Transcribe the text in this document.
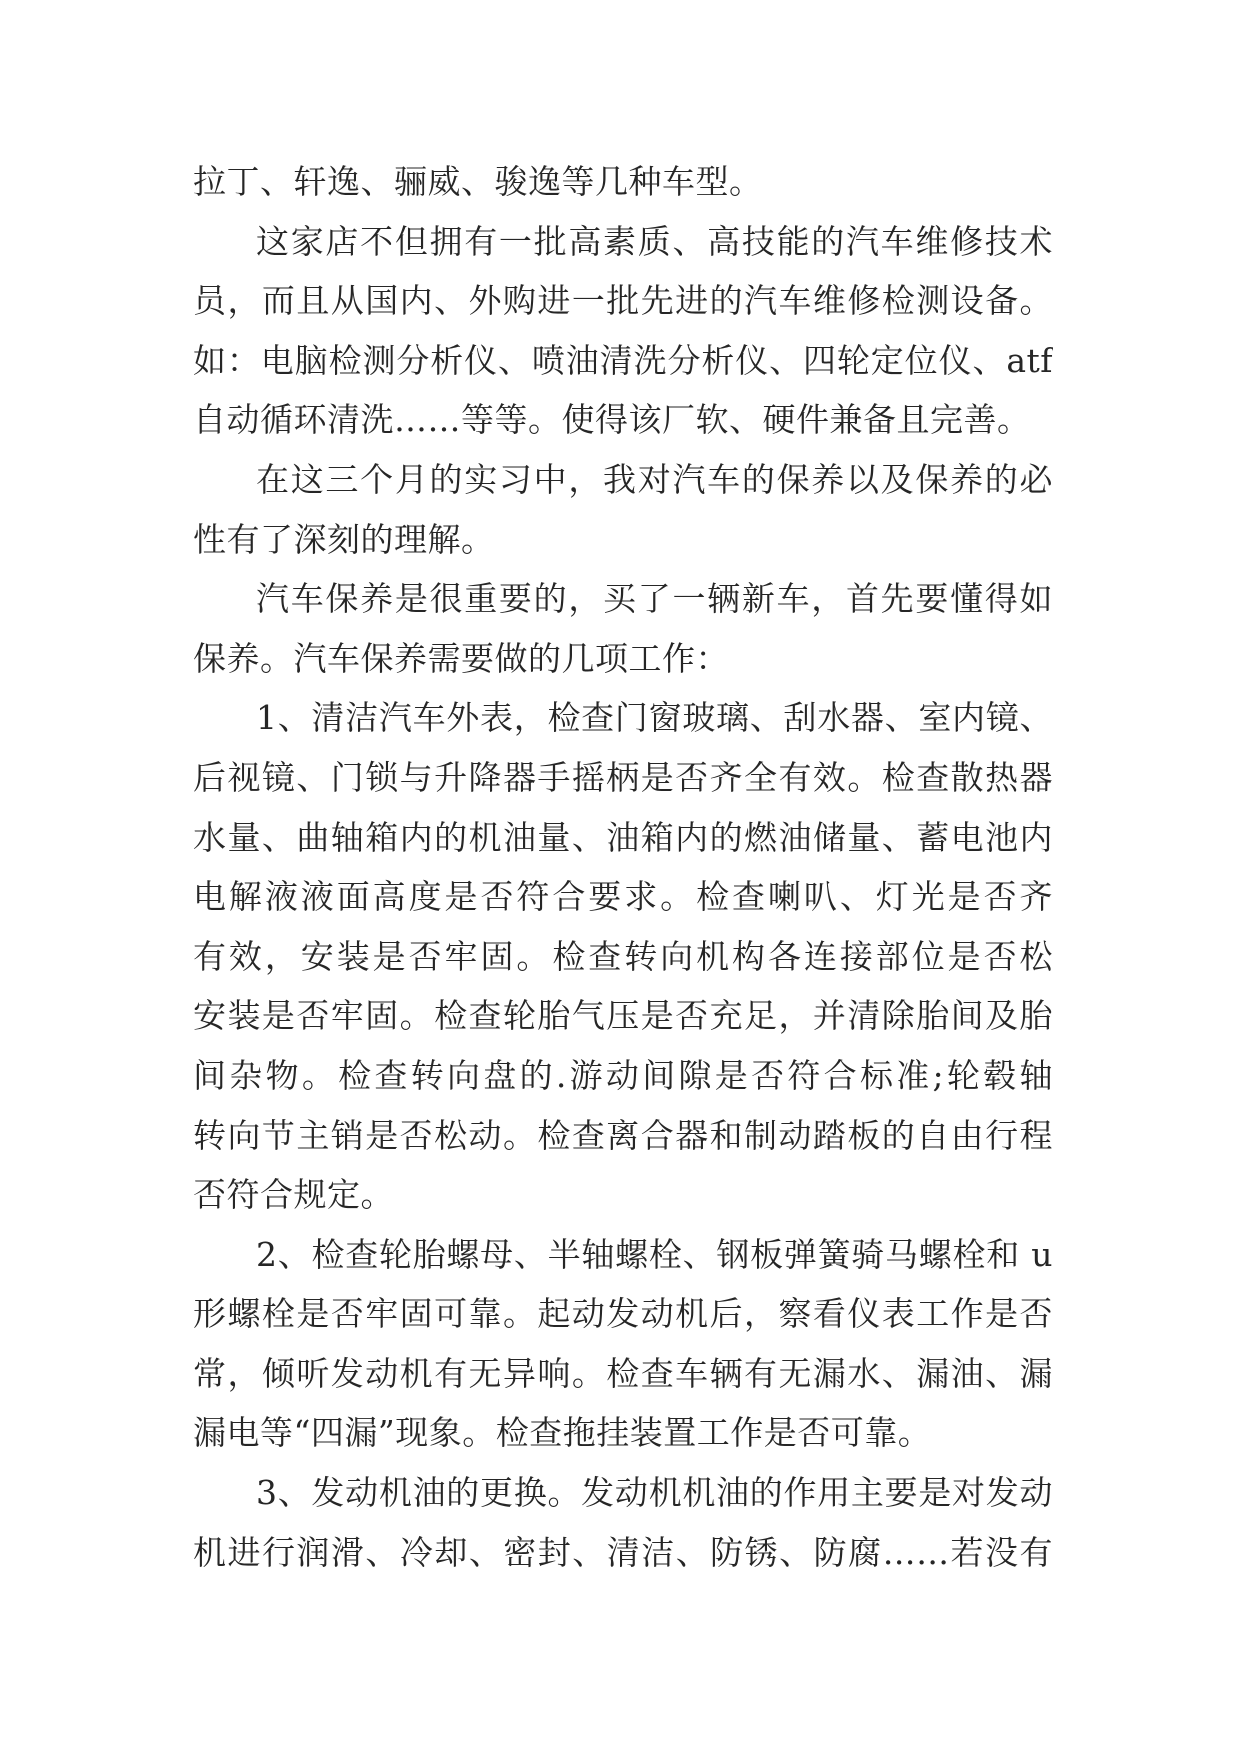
拉丁、轩逸、骊威、骏逸等几种车型。
这家店不但拥有一批高素质、高技能的汽车维修技术
员，而且从国内、外购进一批先进的汽车维修检测设备。
如：电脑检测分析仪、喷油清洗分析仪、四轮定位仪、atf
自动循环清洗……等等。使得该厂软、硬件兼备且完善。
在这三个月的实习中，我对汽车的保养以及保养的必
性有了深刻的理解。
汽车保养是很重要的，买了一辆新车，首先要懂得如
保养。汽车保养需要做的几项工作：
1、清洁汽车外表，检查门窗玻璃、刮水器、室内镜、
后视镜、门锁与升降器手摇柄是否齐全有效。检查散热器
水量、曲轴箱内的机油量、油箱内的燃油储量、蓄电池内
电解液液面高度是否符合要求。检查喇叭、灯光是否齐
有效，安装是否牢固。检查转向机构各连接部位是否松
安装是否牢固。检查轮胎气压是否充足，并清除胎间及胎
间杂物。检查转向盘的.游动间隙是否符合标准;轮毂轴
转向节主销是否松动。检查离合器和制动踏板的自由行程
否符合规定。
2、检查轮胎螺母、半轴螺栓、钢板弹簧骑马螺栓和 u
形螺栓是否牢固可靠。起动发动机后，察看仪表工作是否
常，倾听发动机有无异响。检查车辆有无漏水、漏油、漏
漏电等“四漏”现象。检查拖挂装置工作是否可靠。
3、发动机油的更换。发动机机油的作用主要是对发动
机进行润滑、冷却、密封、清洁、防锈、防腐……若没有
